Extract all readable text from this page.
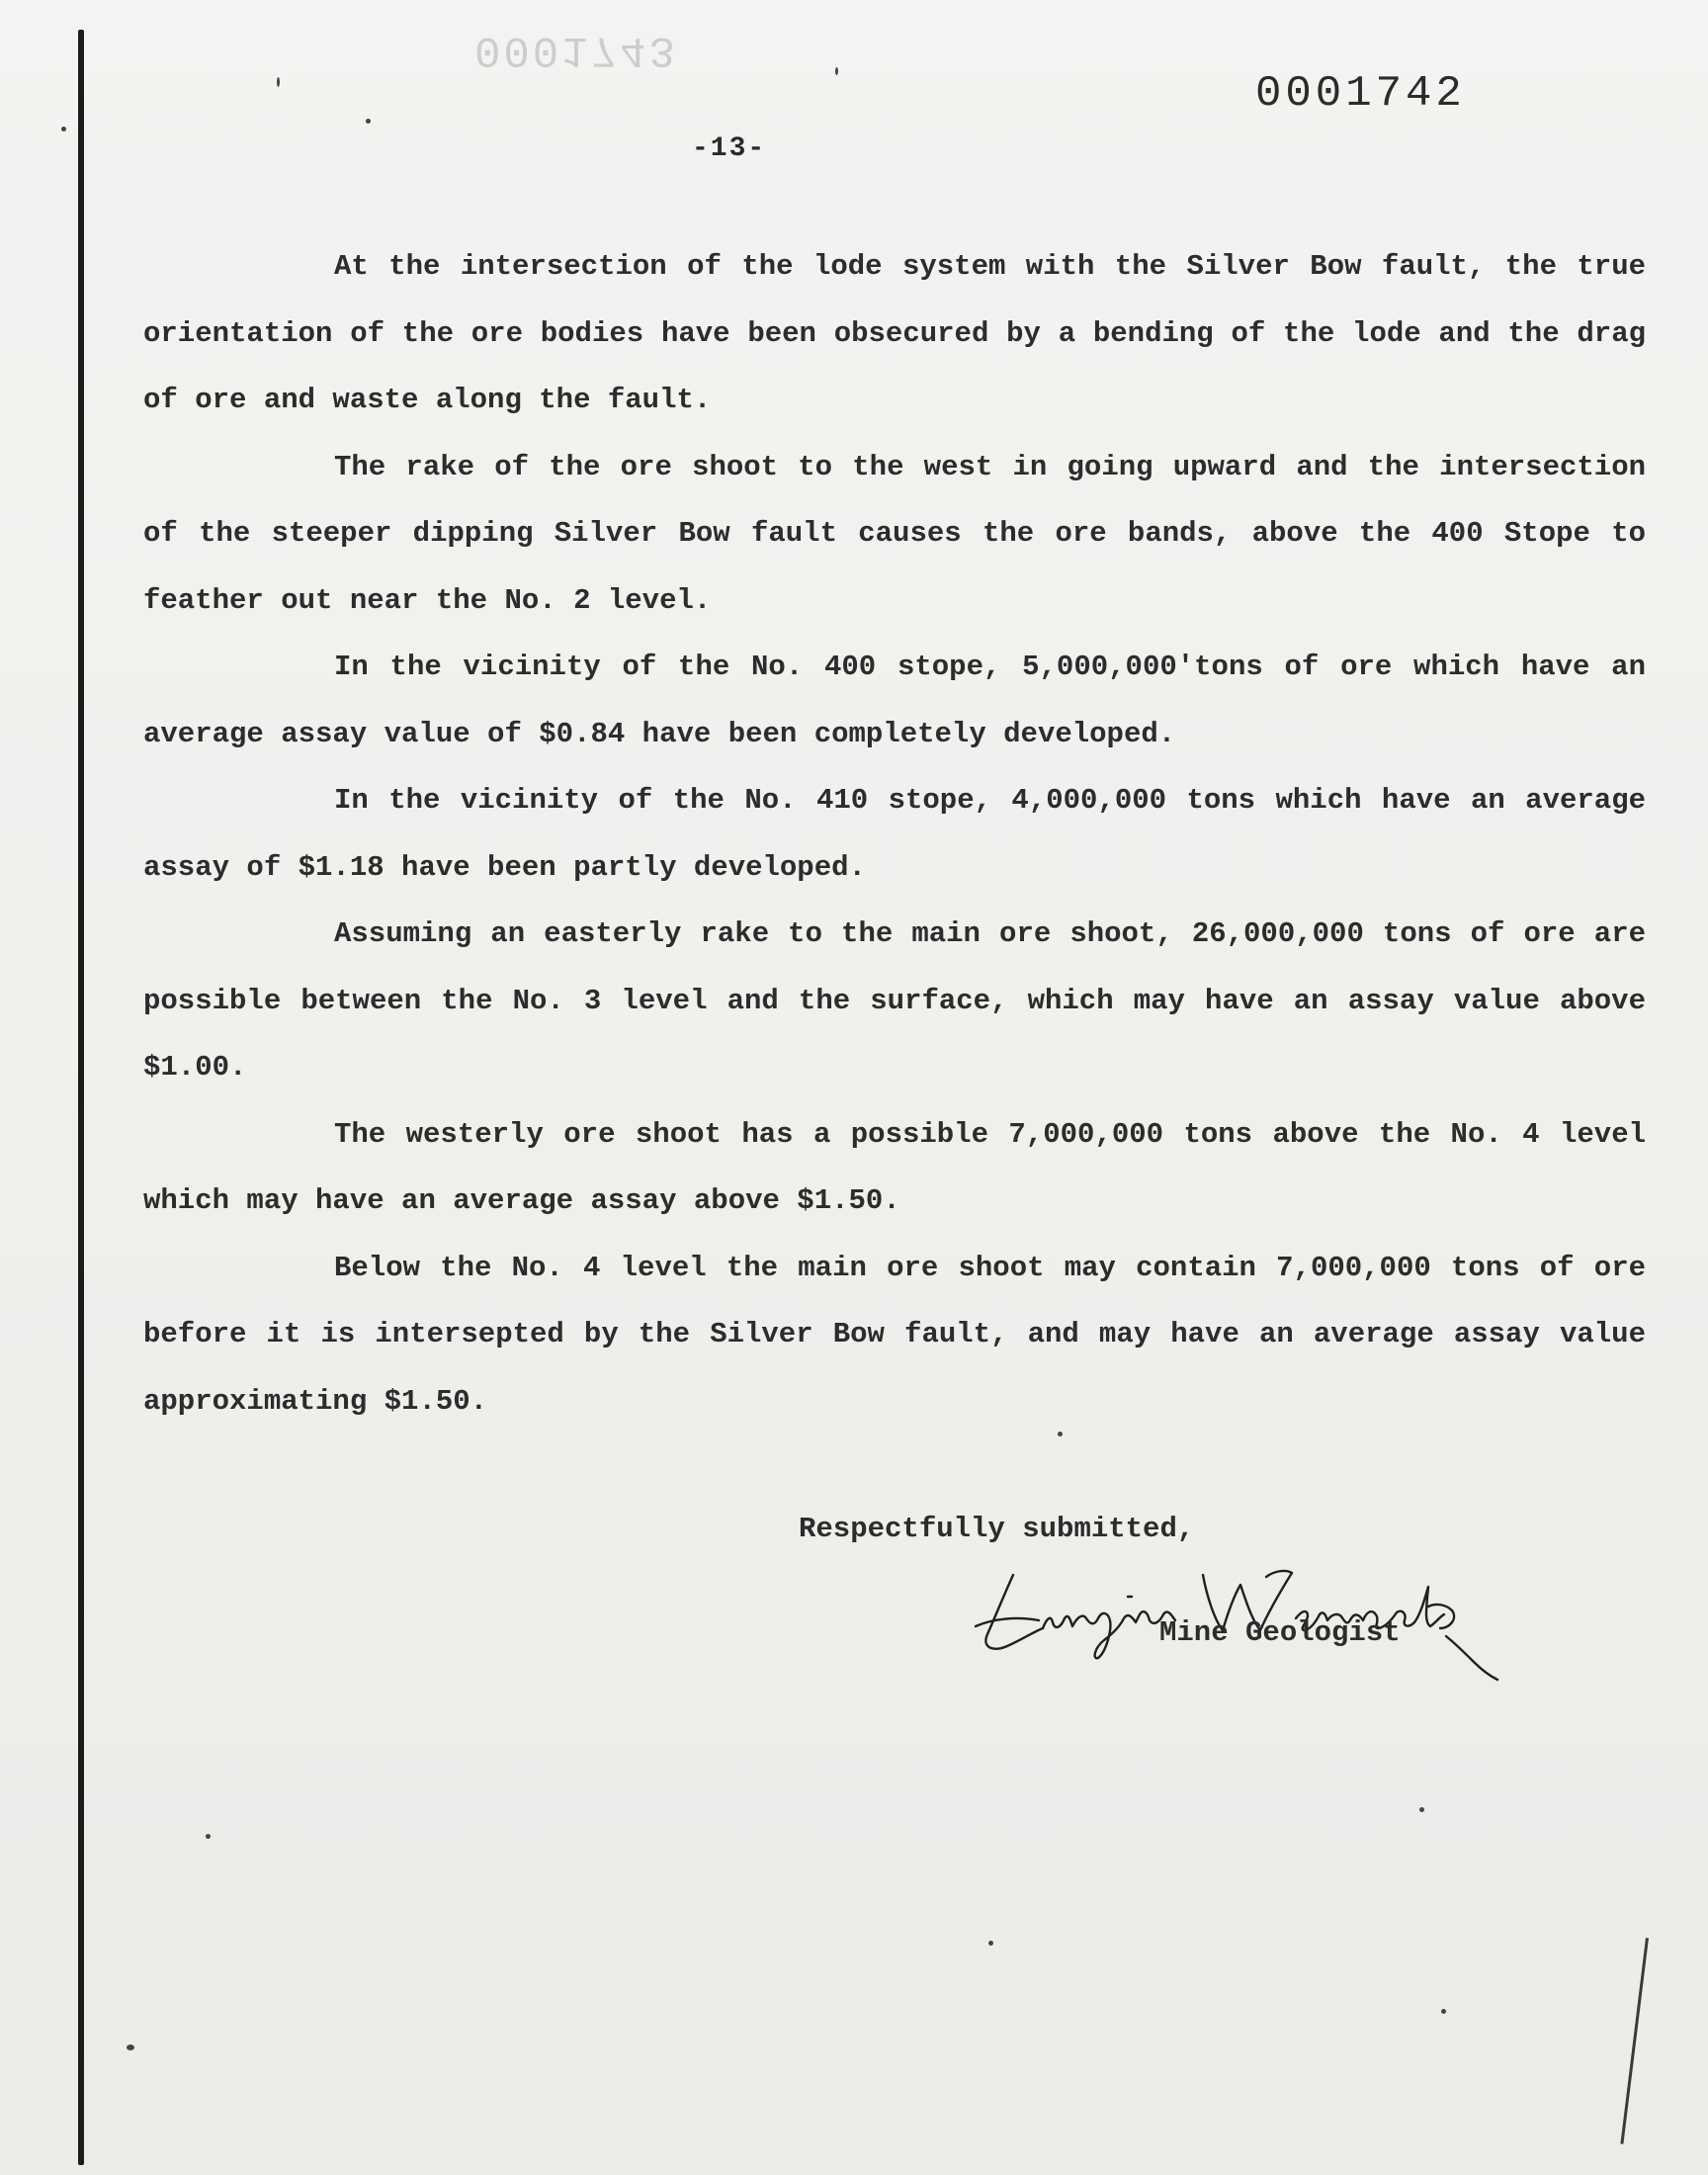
0001743
0001742
-13-

At the intersection of the lode system with the Silver Bow fault, the true orientation of the ore bodies have been obsecured by a bending of the lode and the drag of ore and waste along the fault.

The rake of the ore shoot to the west in going upward and the intersection of the steeper dipping Silver Bow fault causes the ore bands, above the 400 Stope to feather out near the No. 2 level.

In the vicinity of the No. 400 stope, 5,000,000′tons of ore which have an average assay value of $0.84 have been completely developed.

In the vicinity of the No. 410 stope, 4,000,000 tons which have an average assay of $1.18 have been partly developed.

Assuming an easterly rake to the main ore shoot, 26,000,000 tons of ore are possible between the No. 3 level and the surface, which may have an assay value above $1.00.

The westerly ore shoot has a possible 7,000,000 tons above the No. 4 level which may have an average assay above $1.50.

Below the No. 4 level the main ore shoot may contain 7,000,000 tons of ore before it is intersepted by the Silver Bow fault, and may have an average assay value approximating $1.50.

Respectfully submitted,
Mine Geologist
